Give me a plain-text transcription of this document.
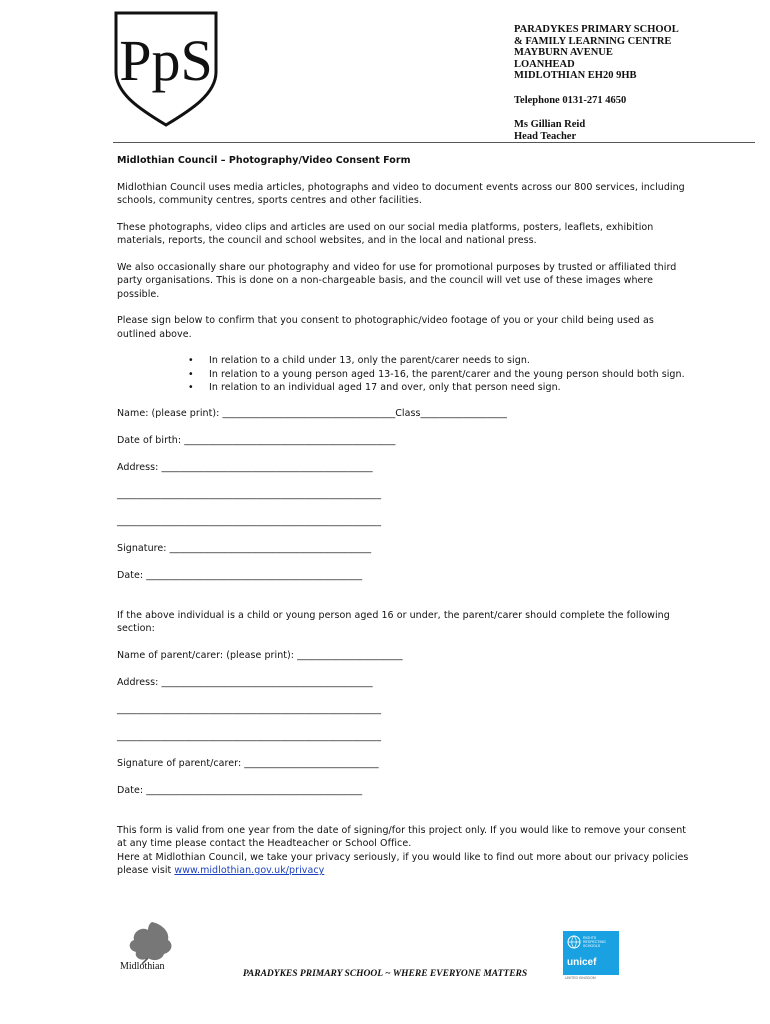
PpS	PARADYKES PRIMARY SCHOOL
& FAMILY LEARNING CENTRE
MAYBURN AVENUE
LOANHEAD
MIDLOTHIAN EH20 9HB
Telephone 0131-271 4650
Ms Gillian Reid
Head Teacher

Midlothian Council – Photography/Video Consent Form

Midlothian Council uses media articles, photographs and video to document events across our 800 services, including schools, community centres, sports centres and other facilities.

These photographs, video clips and articles are used on our social media platforms, posters, leaflets, exhibition materials, reports, the council and school websites, and in the local and national press.

We also occasionally share our photography and video for use for promotional purposes by trusted or affiliated third party organisations. This is done on a non-chargeable basis, and the council will vet use of these images where possible.

Please sign below to confirm that you consent to photographic/video footage of you or your child being used as outlined above.

• In relation to a child under 13, only the parent/carer needs to sign.
• In relation to a young person aged 13-16, the parent/carer and the young person should both sign.
• In relation to an individual aged 17 and over, only that person need sign.

Name: (please print): ____________________________________Class__________________

Date of birth: ____________________________________________

Address: ____________________________________________

_______________________________________________________

_______________________________________________________

Signature: __________________________________________

Date: _____________________________________________

If the above individual is a child or young person aged 16 or under, the parent/carer should complete the following section:

Name of parent/carer: (please print): ______________________

Address: ____________________________________________

_______________________________________________________

_______________________________________________________

Signature of parent/carer: ____________________________

Date: _____________________________________________

This form is valid from one year from the date of signing/for this project only. If you would like to remove your consent at any time please contact the Headteacher or School Office.

Here at Midlothian Council, we take your privacy seriously, if you would like to find out more about our privacy policies please visit www.midlothian.gov.uk/privacy

Midlothian
RIGHTS RESPECTING SCHOOLS
unicef
UNITED KINGDOM
PARADYKES PRIMARY SCHOOL ~ WHERE EVERYONE MATTERS
